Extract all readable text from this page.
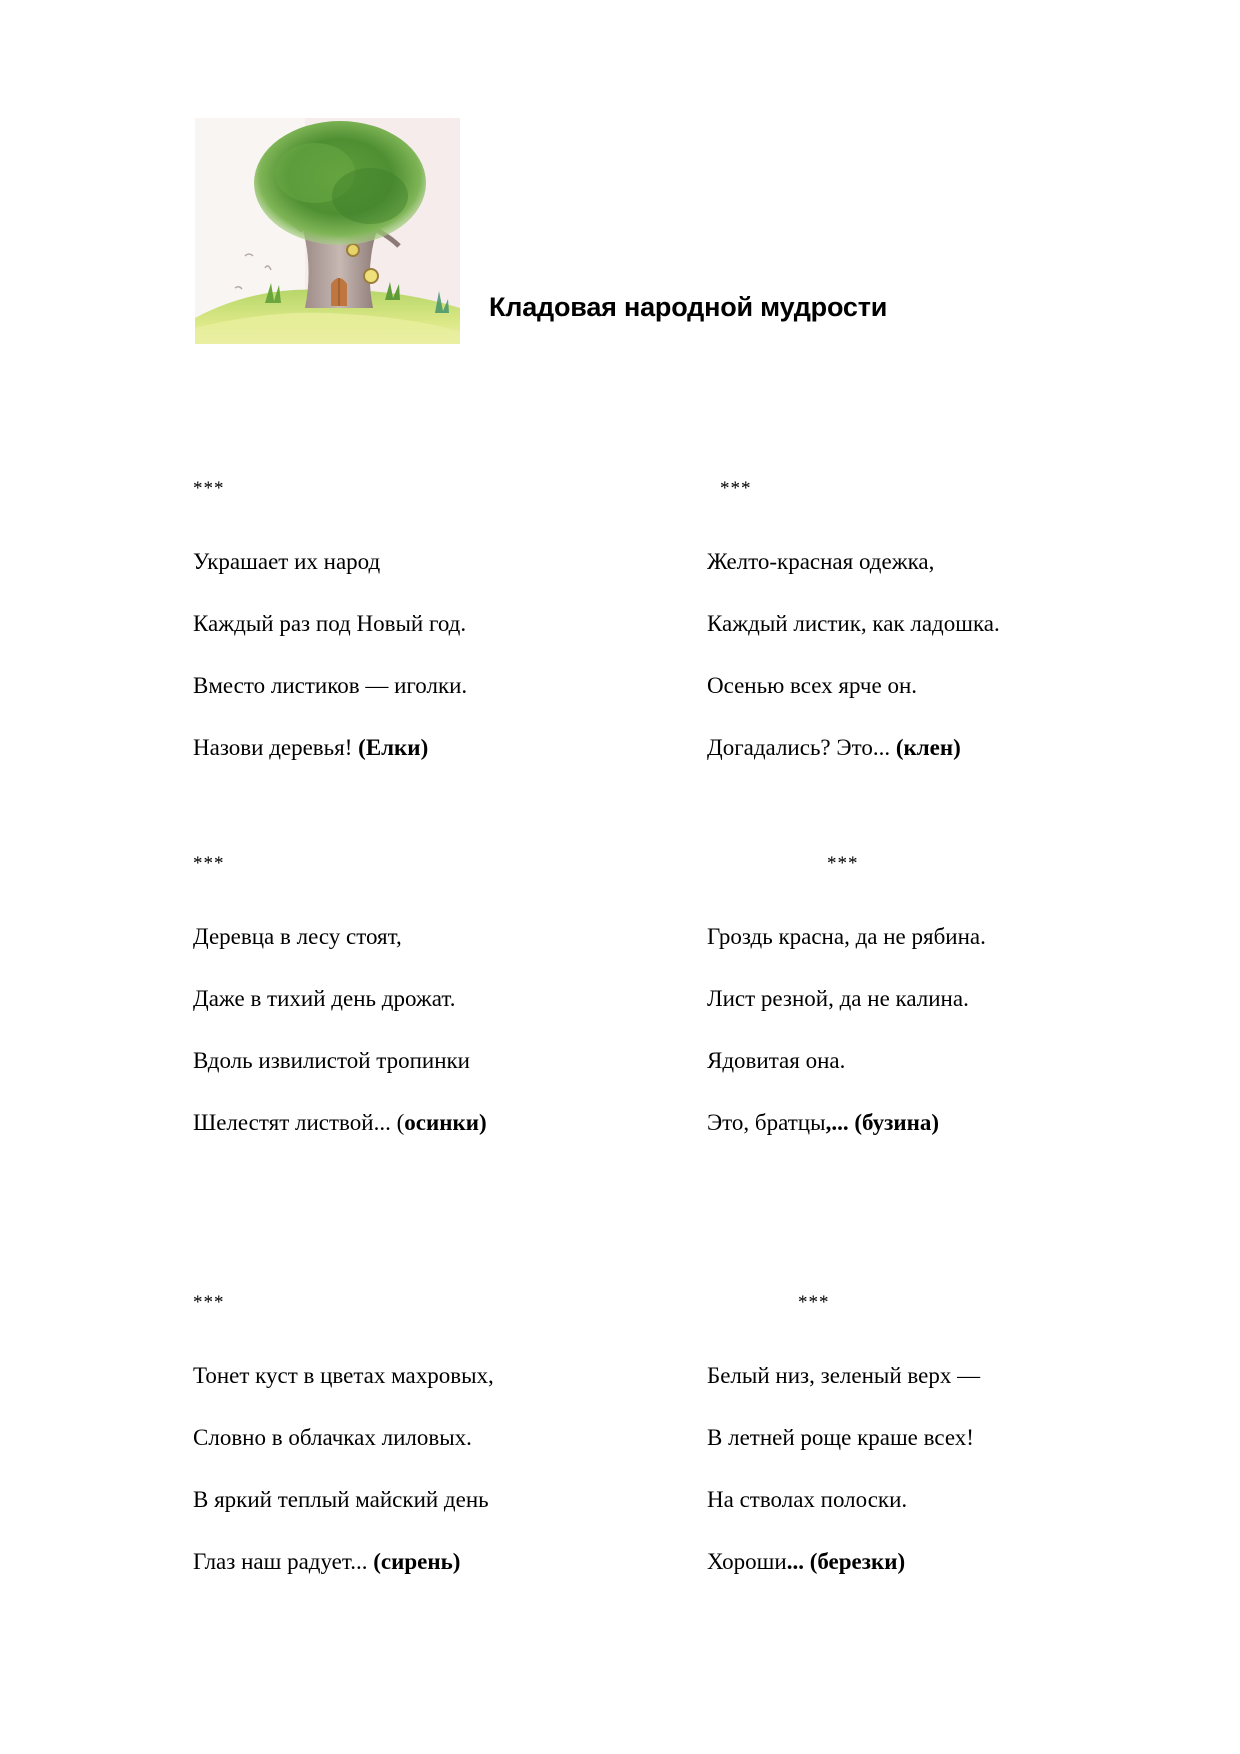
Кладовая народной мудрости
***
Украшает их народ
Каждый раз под Новый год.
Вместо листиков — иголки.
Назови деревья! (Елки)
***
Желто-красная одежка,
Каждый листик, как ладошка.
Осенью всех ярче он.
Догадались? Это... (клен)
***
Деревца в лесу стоят,
Даже в тихий день дрожат.
Вдоль извилистой тропинки
Шелестят листвой... (осинки)
***
Гроздь красна, да не рябина.
Лист резной, да не калина.
Ядовитая она.
Это, братцы,... (бузина)
***
Тонет куст в цветах махровых,
Словно в облачках лиловых.
В яркий теплый майский день
Глаз наш радует... (сирень)
***
Белый низ, зеленый верх —
В летней роще краше всех!
На стволах полоски.
Хороши... (березки)
